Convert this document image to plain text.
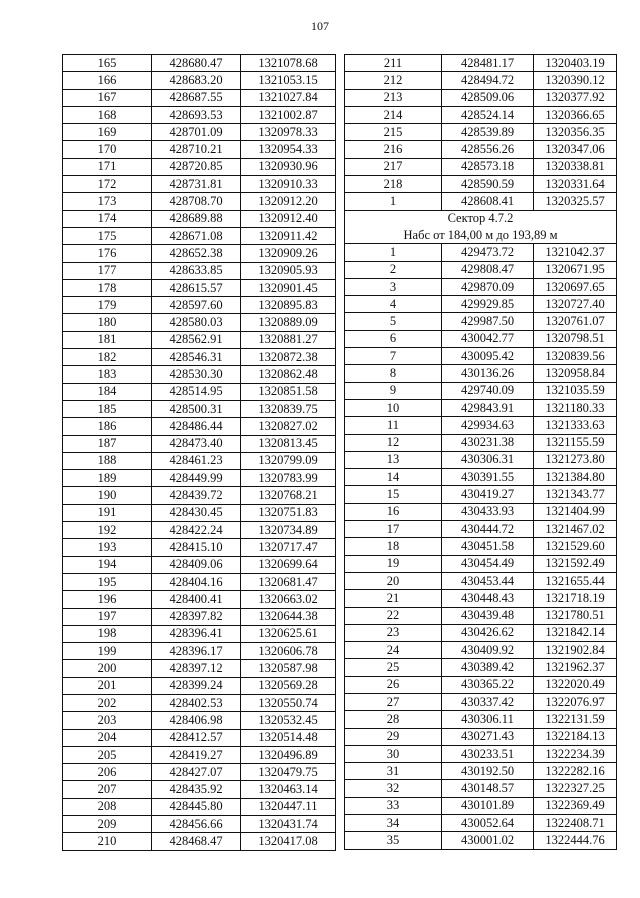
107
165	428680.47	1321078.68
166	428683.20	1321053.15
167	428687.55	1321027.84
168	428693.53	1321002.87
169	428701.09	1320978.33
170	428710.21	1320954.33
171	428720.85	1320930.96
172	428731.81	1320910.33
173	428708.70	1320912.20
174	428689.88	1320912.40
175	428671.08	1320911.42
176	428652.38	1320909.26
177	428633.85	1320905.93
178	428615.57	1320901.45
179	428597.60	1320895.83
180	428580.03	1320889.09
181	428562.91	1320881.27
182	428546.31	1320872.38
183	428530.30	1320862.48
184	428514.95	1320851.58
185	428500.31	1320839.75
186	428486.44	1320827.02
187	428473.40	1320813.45
188	428461.23	1320799.09
189	428449.99	1320783.99
190	428439.72	1320768.21
191	428430.45	1320751.83
192	428422.24	1320734.89
193	428415.10	1320717.47
194	428409.06	1320699.64
195	428404.16	1320681.47
196	428400.41	1320663.02
197	428397.82	1320644.38
198	428396.41	1320625.61
199	428396.17	1320606.78
200	428397.12	1320587.98
201	428399.24	1320569.28
202	428402.53	1320550.74
203	428406.98	1320532.45
204	428412.57	1320514.48
205	428419.27	1320496.89
206	428427.07	1320479.75
207	428435.92	1320463.14
208	428445.80	1320447.11
209	428456.66	1320431.74
210	428468.47	1320417.08
211	428481.17	1320403.19
212	428494.72	1320390.12
213	428509.06	1320377.92
214	428524.14	1320366.65
215	428539.89	1320356.35
216	428556.26	1320347.06
217	428573.18	1320338.81
218	428590.59	1320331.64
1	428608.41	1320325.57
Сектор 4.7.2		
Набс от 184,00 м до 193,89 м		
1	429473.72	1321042.37
2	429808.47	1320671.95
3	429870.09	1320697.65
4	429929.85	1320727.40
5	429987.50	1320761.07
6	430042.77	1320798.51
7	430095.42	1320839.56
8	430136.26	1320958.84
9	429740.09	1321035.59
10	429843.91	1321180.33
11	429934.63	1321333.63
12	430231.38	1321155.59
13	430306.31	1321273.80
14	430391.55	1321384.80
15	430419.27	1321343.77
16	430433.93	1321404.99
17	430444.72	1321467.02
18	430451.58	1321529.60
19	430454.49	1321592.49
20	430453.44	1321655.44
21	430448.43	1321718.19
22	430439.48	1321780.51
23	430426.62	1321842.14
24	430409.92	1321902.84
25	430389.42	1321962.37
26	430365.22	1322020.49
27	430337.42	1322076.97
28	430306.11	1322131.59
29	430271.43	1322184.13
30	430233.51	1322234.39
31	430192.50	1322282.16
32	430148.57	1322327.25
33	430101.89	1322369.49
34	430052.64	1322408.71
35	430001.02	1322444.76
